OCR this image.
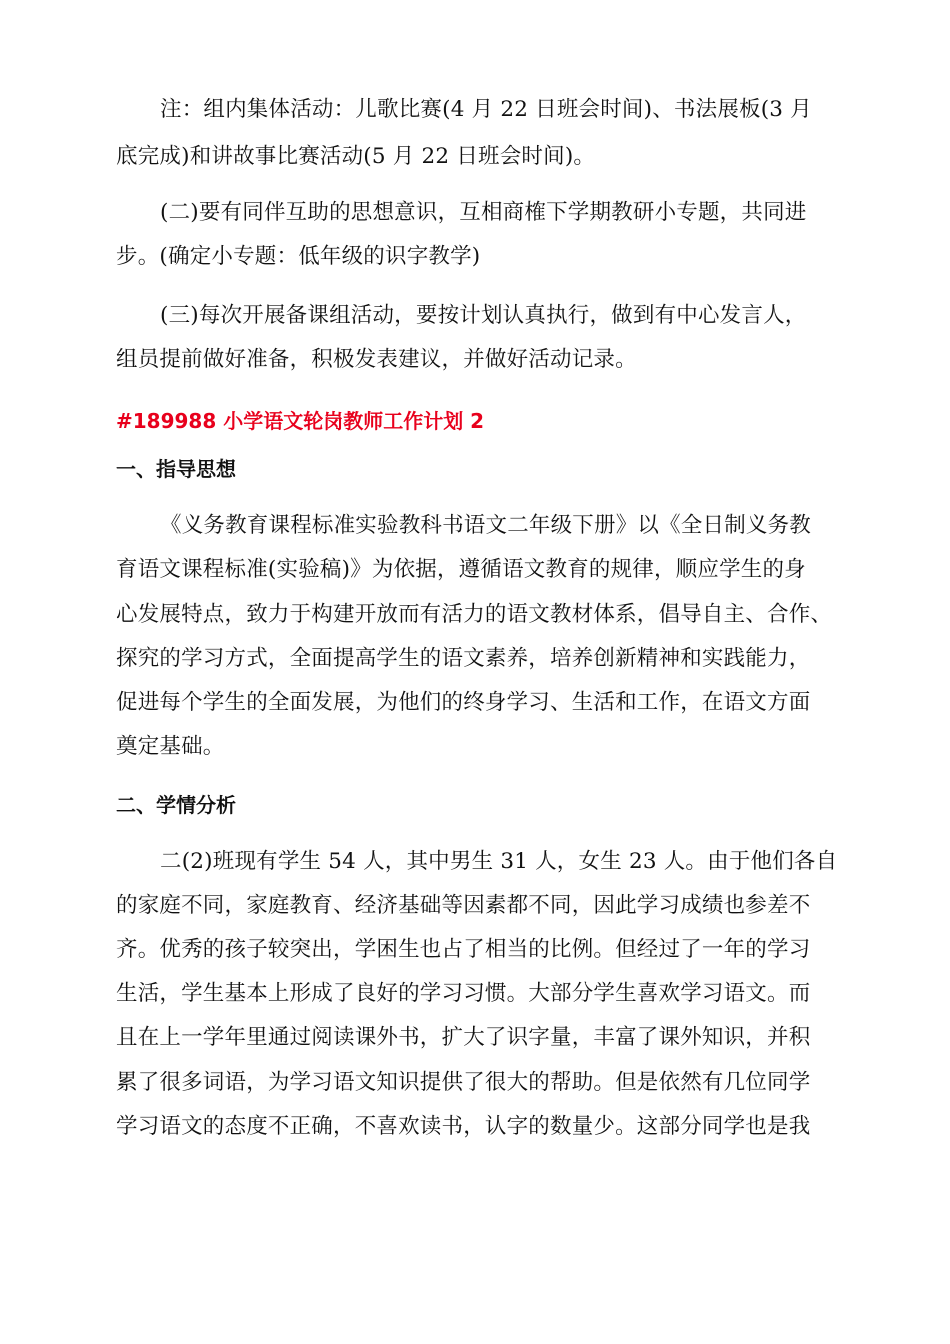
注：组内集体活动：儿歌比赛(4 月 22 日班会时间)、书法展板(3 月
底完成)和讲故事比赛活动(5 月 22 日班会时间)。
(二)要有同伴互助的思想意识，互相商榷下学期教研小专题，共同进
步。(确定小专题：低年级的识字教学)
(三)每次开展备课组活动，要按计划认真执行，做到有中心发言人，
组员提前做好准备，积极发表建议，并做好活动记录。
#189988 小学语文轮岗教师工作计划 2
一、指导思想
《义务教育课程标准实验教科书语文二年级下册》以《全日制义务教
育语文课程标准(实验稿)》为依据，遵循语文教育的规律，顺应学生的身
心发展特点，致力于构建开放而有活力的语文教材体系，倡导自主、合作、
探究的学习方式，全面提高学生的语文素养，培养创新精神和实践能力，
促进每个学生的全面发展，为他们的终身学习、生活和工作，在语文方面
奠定基础。
二、学情分析
二(2)班现有学生 54 人，其中男生 31 人，女生 23 人。由于他们各自
的家庭不同，家庭教育、经济基础等因素都不同，因此学习成绩也参差不
齐。优秀的孩子较突出，学困生也占了相当的比例。但经过了一年的学习
生活，学生基本上形成了良好的学习习惯。大部分学生喜欢学习语文。而
且在上一学年里通过阅读课外书，扩大了识字量，丰富了课外知识，并积
累了很多词语，为学习语文知识提供了很大的帮助。但是依然有几位同学
学习语文的态度不正确，不喜欢读书，认字的数量少。这部分同学也是我
